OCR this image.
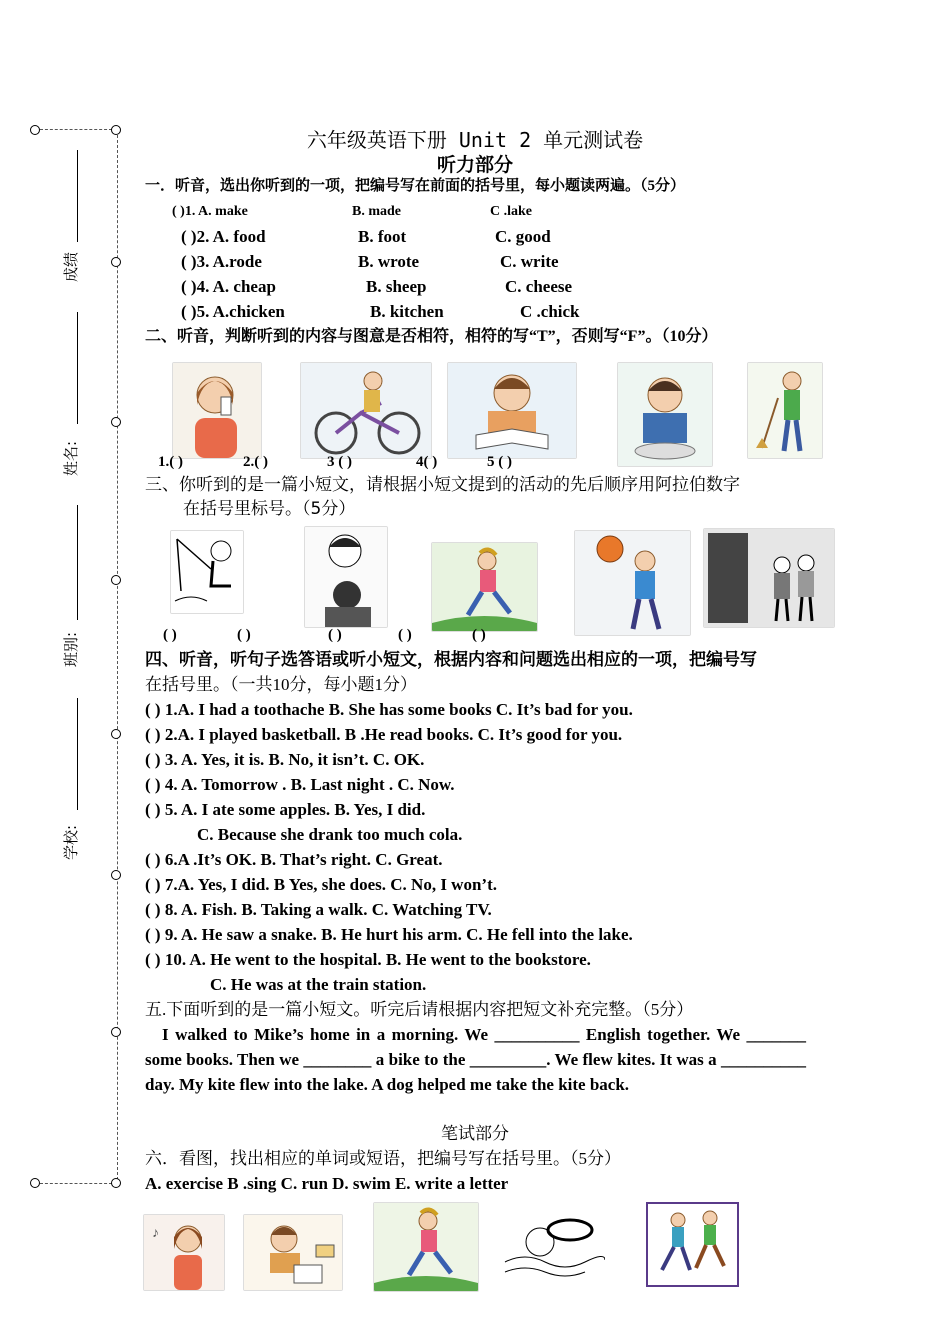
成绩
姓名:
班别:
学校:
六年级英语下册 Unit 2 单元测试卷
听力部分
一．听音，选出你听到的一项，把编号写在前面的括号里，每小题读两遍。（5分）
( )1. A. make	B. made	C .lake
( )2. A. food	B. foot	C. good
( )3. A.rode	B. wrote	C. write
( )4. A. cheap	B. sheep	C. cheese
( )5. A.chicken	B. kitchen	C .chick
二、听音，判断听到的内容与图意是否相符，相符的写“T”，否则写“F”。（10分）
1.( )	2.( )	3 ( )	4( )	5 ( )
三、你听到的是一篇小短文，请根据小短文提到的活动的先后顺序用阿拉伯数字
在括号里标号。（5分）
( )	( )	( )	( )	( )
四、听音，听句子选答语或听小短文，根据内容和问题选出相应的一项，把编号写
在括号里。（一共10分，每小题1分）
( ) 1.A. I had a toothache B. She has some books C. It’s bad for you.
( ) 2.A. I played basketball. B .He read books. C. It’s good for you.
( ) 3. A. Yes, it is. B. No, it isn’t. C. OK.
( ) 4. A. Tomorrow . B. Last night . C. Now.
( ) 5. A. I ate some apples. B. Yes, I did.
C. Because she drank too much cola.
( ) 6.A .It’s OK. B. That’s right. C. Great.
( ) 7.A. Yes, I did. B Yes, she does. C. No, I won’t.
( ) 8. A. Fish. B. Taking a walk. C. Watching TV.
( ) 9. A. He saw a snake. B. He hurt his arm. C. He fell into the lake.
( ) 10. A. He went to the hospital. B. He went to the bookstore.
C. He was at the train station.
五.下面听到的是一篇小短文。听完后请根据内容把短文补充完整。（5分）
I walked to Mike’s home in a morning. We __________ English together. We _______ some books. Then we ________ a bike to the _________. We flew kites. It was a __________ day. My kite flew into the lake. A dog helped me take the kite back.
笔试部分
六．看图，找出相应的单词或短语，把编号写在括号里。（5分）
A. exercise B .sing C. run D. swim E. write a letter
♪
